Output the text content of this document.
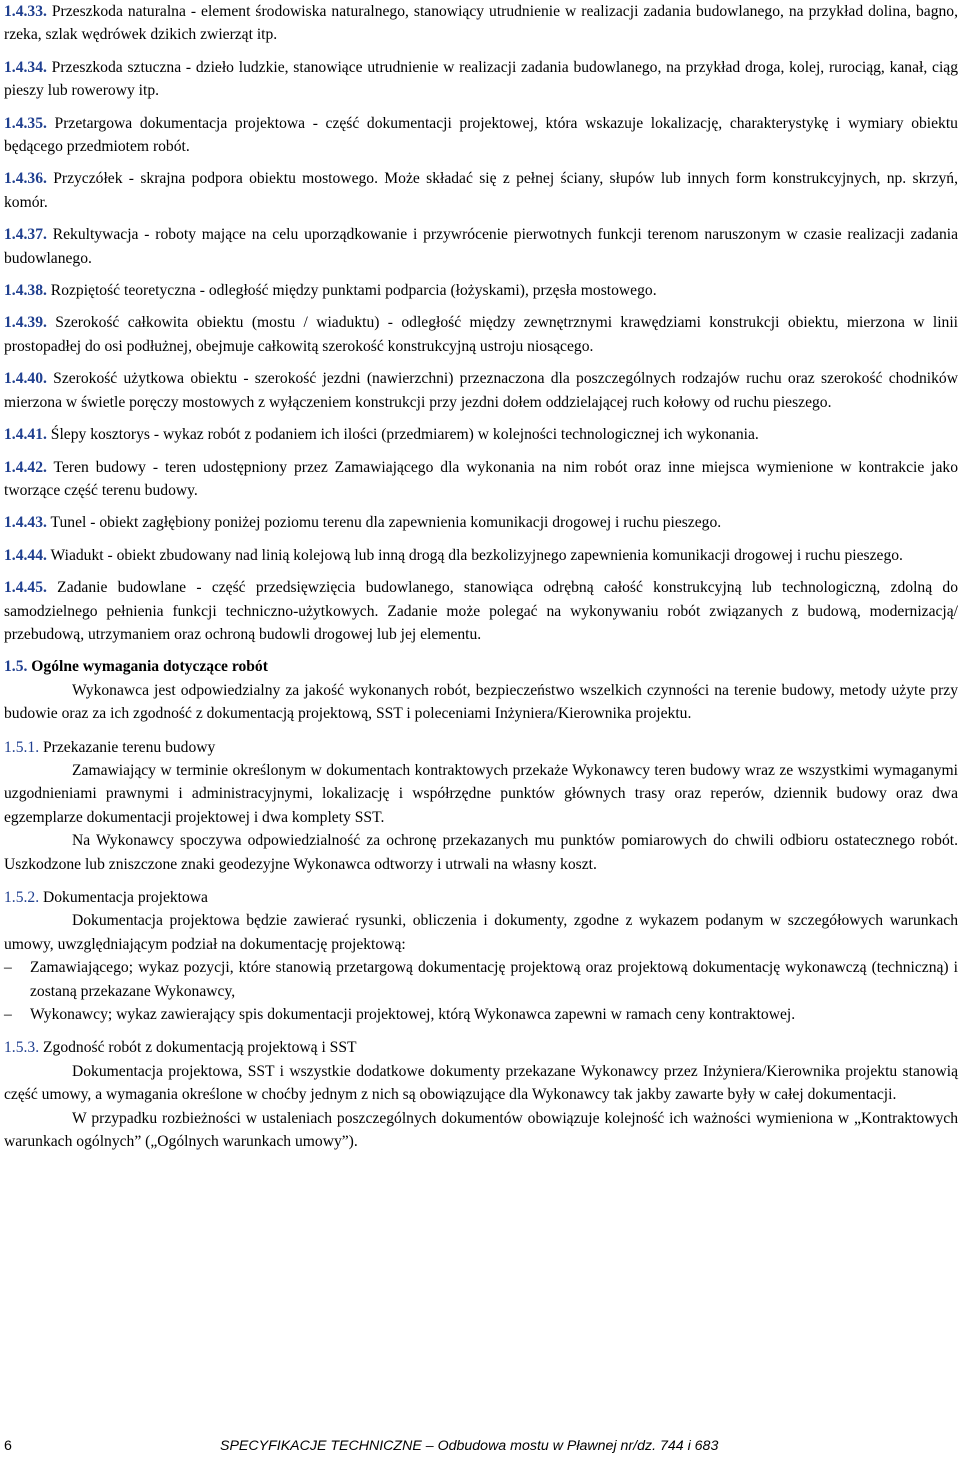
1.4.33. Przeszkoda naturalna - element środowiska naturalnego, stanowiący utrudnienie w realizacji zadania budowlanego, na przykład dolina, bagno, rzeka, szlak wędrówek dzikich zwierząt itp.

1.4.34. Przeszkoda sztuczna - dzieło ludzkie, stanowiące utrudnienie w realizacji zadania budowlanego, na przykład droga, kolej, rurociąg, kanał, ciąg pieszy lub rowerowy itp.

1.4.35. Przetargowa dokumentacja projektowa - część dokumentacji projektowej, która wskazuje lokalizację, charakterystykę i wymiary obiektu będącego przedmiotem robót.

1.4.36. Przyczółek - skrajna podpora obiektu mostowego. Może składać się z pełnej ściany, słupów lub innych form konstrukcyjnych, np. skrzyń, komór.

1.4.37. Rekultywacja - roboty mające na celu uporządkowanie i przywrócenie pierwotnych funkcji terenom naruszonym w czasie realizacji zadania budowlanego.

1.4.38. Rozpiętość teoretyczna - odległość między punktami podparcia (łożyskami), przęsła mostowego.

1.4.39. Szerokość całkowita obiektu (mostu / wiaduktu) - odległość między zewnętrznymi krawędziami konstrukcji obiektu, mierzona w linii prostopadłej do osi podłużnej, obejmuje całkowitą szerokość konstrukcyjną ustroju niosącego.

1.4.40. Szerokość użytkowa obiektu - szerokość jezdni (nawierzchni) przeznaczona dla poszczególnych rodzajów ruchu oraz szerokość chodników mierzona w świetle poręczy mostowych z wyłączeniem konstrukcji przy jezdni dołem oddzielającej ruch kołowy od ruchu pieszego.

1.4.41. Ślepy kosztorys - wykaz robót z podaniem ich ilości (przedmiarem) w kolejności technologicznej ich wykonania.

1.4.42. Teren budowy - teren udostępniony przez Zamawiającego dla wykonania na nim robót oraz inne miejsca wymienione w kontrakcie jako tworzące część terenu budowy.

1.4.43. Tunel - obiekt zagłębiony poniżej poziomu terenu dla zapewnienia komunikacji drogowej i ruchu pieszego.

1.4.44. Wiadukt - obiekt zbudowany nad linią kolejową lub inną drogą dla bezkolizyjnego zapewnienia komunikacji drogowej i ruchu pieszego.

1.4.45. Zadanie budowlane - część przedsięwzięcia budowlanego, stanowiąca odrębną całość konstrukcyjną lub technologiczną, zdolną do samodzielnego pełnienia funkcji techniczno-użytkowych. Zadanie może polegać na wykonywaniu robót związanych z budową, modernizacją/ przebudową, utrzymaniem oraz ochroną budowli drogowej lub jej elementu.

1.5. Ogólne wymagania dotyczące robót

Wykonawca jest odpowiedzialny za jakość wykonanych robót, bezpieczeństwo wszelkich czynności na terenie budowy, metody użyte przy budowie oraz za ich zgodność z dokumentacją projektową, SST i poleceniami Inżyniera/Kierownika projektu.

1.5.1. Przekazanie terenu budowy

Zamawiający w terminie określonym w dokumentach kontraktowych przekaże Wykonawcy teren budowy wraz ze wszystkimi wymaganymi uzgodnieniami prawnymi i administracyjnymi, lokalizację i współrzędne punktów głównych trasy oraz reperów, dziennik budowy oraz dwa egzemplarze dokumentacji projektowej i dwa komplety SST.

Na Wykonawcy spoczywa odpowiedzialność za ochronę przekazanych mu punktów pomiarowych do chwili odbioru ostatecznego robót. Uszkodzone lub zniszczone znaki geodezyjne Wykonawca odtworzy i utrwali na własny koszt.

1.5.2. Dokumentacja projektowa

Dokumentacja projektowa będzie zawierać rysunki, obliczenia i dokumenty, zgodne z wykazem podanym w szczegółowych warunkach umowy, uwzględniającym podział na dokumentację projektową:

– Zamawiającego; wykaz pozycji, które stanowią przetargową dokumentację projektową oraz projektową dokumentację wykonawczą (techniczną) i zostaną przekazane Wykonawcy,

– Wykonawcy; wykaz zawierający spis dokumentacji projektowej, którą Wykonawca zapewni w ramach ceny kontraktowej.

1.5.3. Zgodność robót z dokumentacją projektową i SST

Dokumentacja projektowa, SST i wszystkie dodatkowe dokumenty przekazane Wykonawcy przez Inżyniera/Kierownika projektu stanowią część umowy, a wymagania określone w choćby jednym z nich są obowiązujące dla Wykonawcy tak jakby zawarte były w całej dokumentacji.

W przypadku rozbieżności w ustaleniach poszczególnych dokumentów obowiązuje kolejność ich ważności wymieniona w „Kontraktowych warunkach ogólnych” („Ogólnych warunkach umowy”).

6	SPECYFIKACJE TECHNICZNE – Odbudowa mostu w Pławnej nr/dz. 744 i 683
